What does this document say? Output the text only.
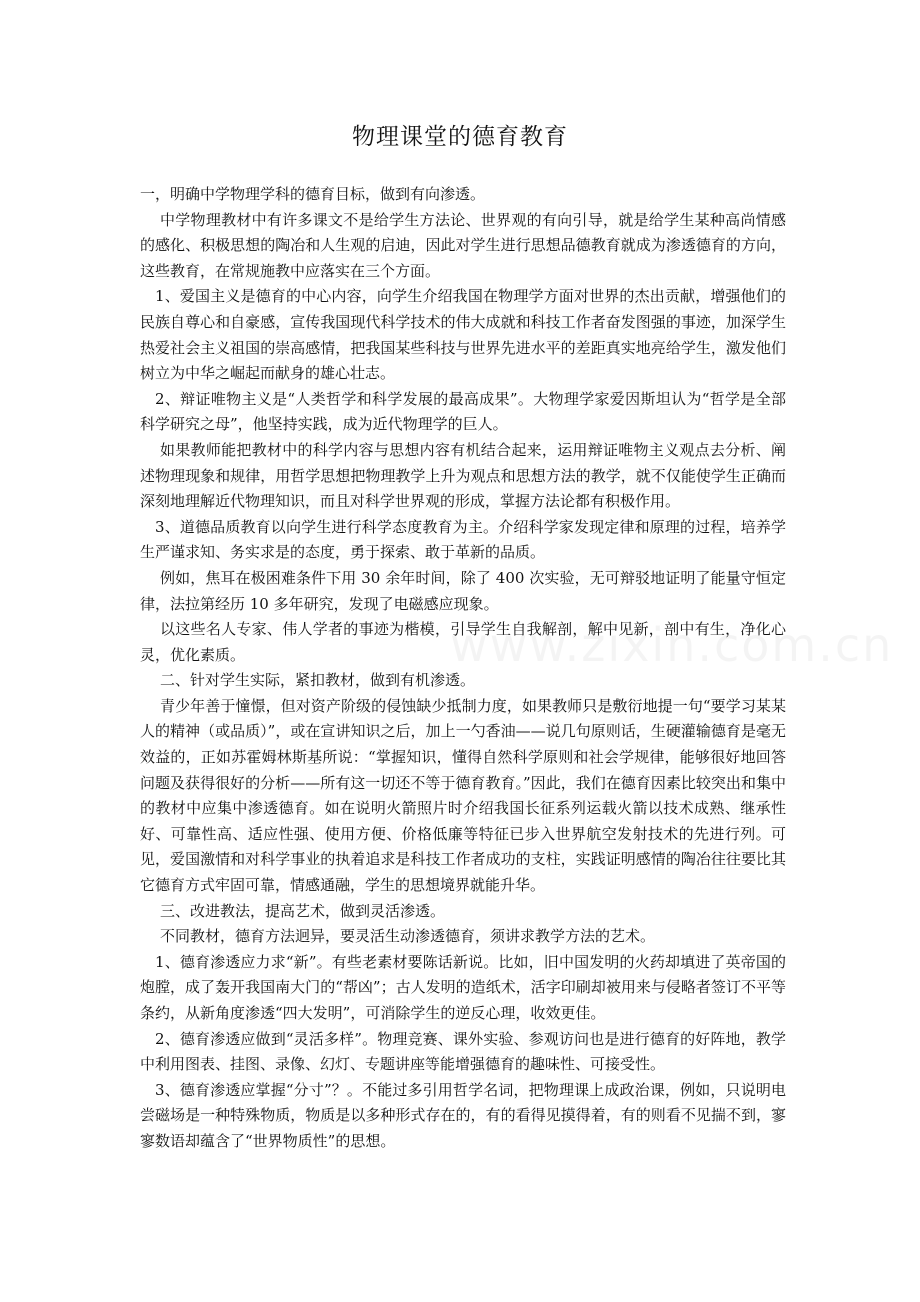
物理课堂的德育教育

一，明确中学物理学科的德育目标，做到有向渗透。

中学物理教材中有许多课文不是给学生方法论、世界观的有向引导，就是给学生某种高尚情感的感化、积极思想的陶冶和人生观的启迪，因此对学生进行思想品德教育就成为渗透德育的方向，这些教育，在常规施教中应落实在三个方面。

1、爱国主义是德育的中心内容，向学生介绍我国在物理学方面对世界的杰出贡献，增强他们的民族自尊心和自豪感，宣传我国现代科学技术的伟大成就和科技工作者奋发图强的事迹，加深学生热爱社会主义祖国的崇高感情，把我国某些科技与世界先进水平的差距真实地亮给学生，激发他们树立为中华之崛起而献身的雄心壮志。

2、辩证唯物主义是“人类哲学和科学发展的最高成果”。大物理学家爱因斯坦认为“哲学是全部科学研究之母”，他坚持实践，成为近代物理学的巨人。

如果教师能把教材中的科学内容与思想内容有机结合起来，运用辩证唯物主义观点去分析、阐述物理现象和规律，用哲学思想把物理教学上升为观点和思想方法的教学，就不仅能使学生正确而深刻地理解近代物理知识，而且对科学世界观的形成，掌握方法论都有积极作用。

3、道德品质教育以向学生进行科学态度教育为主。介绍科学家发现定律和原理的过程，培养学生严谨求知、务实求是的态度，勇于探索、敢于革新的品质。

例如，焦耳在极困难条件下用 30 余年时间，除了 400 次实验，无可辩驳地证明了能量守恒定律，法拉第经历 10 多年研究，发现了电磁感应现象。

以这些名人专家、伟人学者的事迹为楷模，引导学生自我解剖，解中见新，剖中有生，净化心灵，优化素质。

二、针对学生实际，紧扣教材，做到有机渗透。

青少年善于憧憬，但对资产阶级的侵蚀缺少抵制力度，如果教师只是敷衍地提一句“要学习某某人的精神（或品质）”，或在宣讲知识之后，加上一勺香油——说几句原则话，生硬灌输德育是毫无效益的，正如苏霍姆林斯基所说：“掌握知识，懂得自然科学原则和社会学规律，能够很好地回答问题及获得很好的分析——所有这一切还不等于德育教育。”因此，我们在德育因素比较突出和集中的教材中应集中渗透德育。如在说明火箭照片时介绍我国长征系列运载火箭以技术成熟、继承性好、可靠性高、适应性强、使用方便、价格低廉等特征已步入世界航空发射技术的先进行列。可见，爱国激情和对科学事业的执着追求是科技工作者成功的支柱，实践证明感情的陶冶往往要比其它德育方式牢固可靠，情感通融，学生的思想境界就能升华。

三、改进教法，提高艺术，做到灵活渗透。

不同教材，德育方法迥异，要灵活生动渗透德育，须讲求教学方法的艺术。

1、德育渗透应力求“新”。有些老素材要陈话新说。比如，旧中国发明的火药却填进了英帝国的炮膛，成了轰开我国南大门的“帮凶”；古人发明的造纸术，活字印刷却被用来与侵略者签订不平等条约，从新角度渗透“四大发明”，可消除学生的逆反心理，收效更佳。

2、德育渗透应做到“灵活多样”。物理竞赛、课外实验、参观访问也是进行德育的好阵地，教学中利用图表、挂图、录像、幻灯、专题讲座等能增强德育的趣味性、可接受性。

3、德育渗透应掌握“分寸”？。不能过多引用哲学名词，把物理课上成政治课，例如，只说明电尝磁场是一种特殊物质，物质是以多种形式存在的，有的看得见摸得着，有的则看不见揣不到，寥寥数语却蕴含了“世界物质性”的思想。
